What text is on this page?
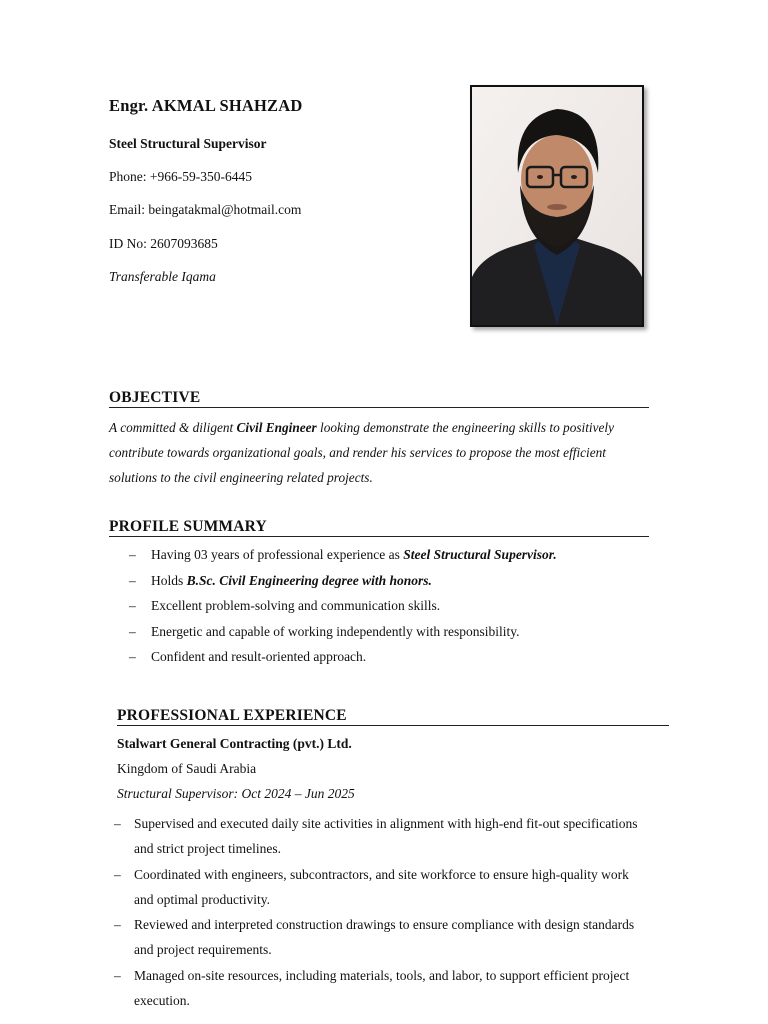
Engr. AKMAL SHAHZAD
Steel Structural Supervisor
Phone: +966-59-350-6445
Email: beingatakmal@hotmail.com
ID No: 2607093685
Transferable Iqama
OBJECTIVE
A committed & diligent Civil Engineer looking demonstrate the engineering skills to positively contribute towards organizational goals, and render his services to propose the most efficient solutions to the civil engineering related projects.
PROFILE SUMMARY
– Having 03 years of professional experience as Steel Structural Supervisor.
– Holds B.Sc. Civil Engineering degree with honors.
– Excellent problem-solving and communication skills.
– Energetic and capable of working independently with responsibility.
– Confident and result-oriented approach.
PROFESSIONAL EXPERIENCE
Stalwart General Contracting (pvt.) Ltd.
Kingdom of Saudi Arabia
Structural Supervisor: Oct 2024 – Jun 2025
– Supervised and executed daily site activities in alignment with high-end fit-out specifications
and strict project timelines.
– Coordinated with engineers, subcontractors, and site workforce to ensure high-quality work
and optimal productivity.
– Reviewed and interpreted construction drawings to ensure compliance with design standards
and project requirements.
– Managed on-site resources, including materials, tools, and labor, to support efficient project
execution.
